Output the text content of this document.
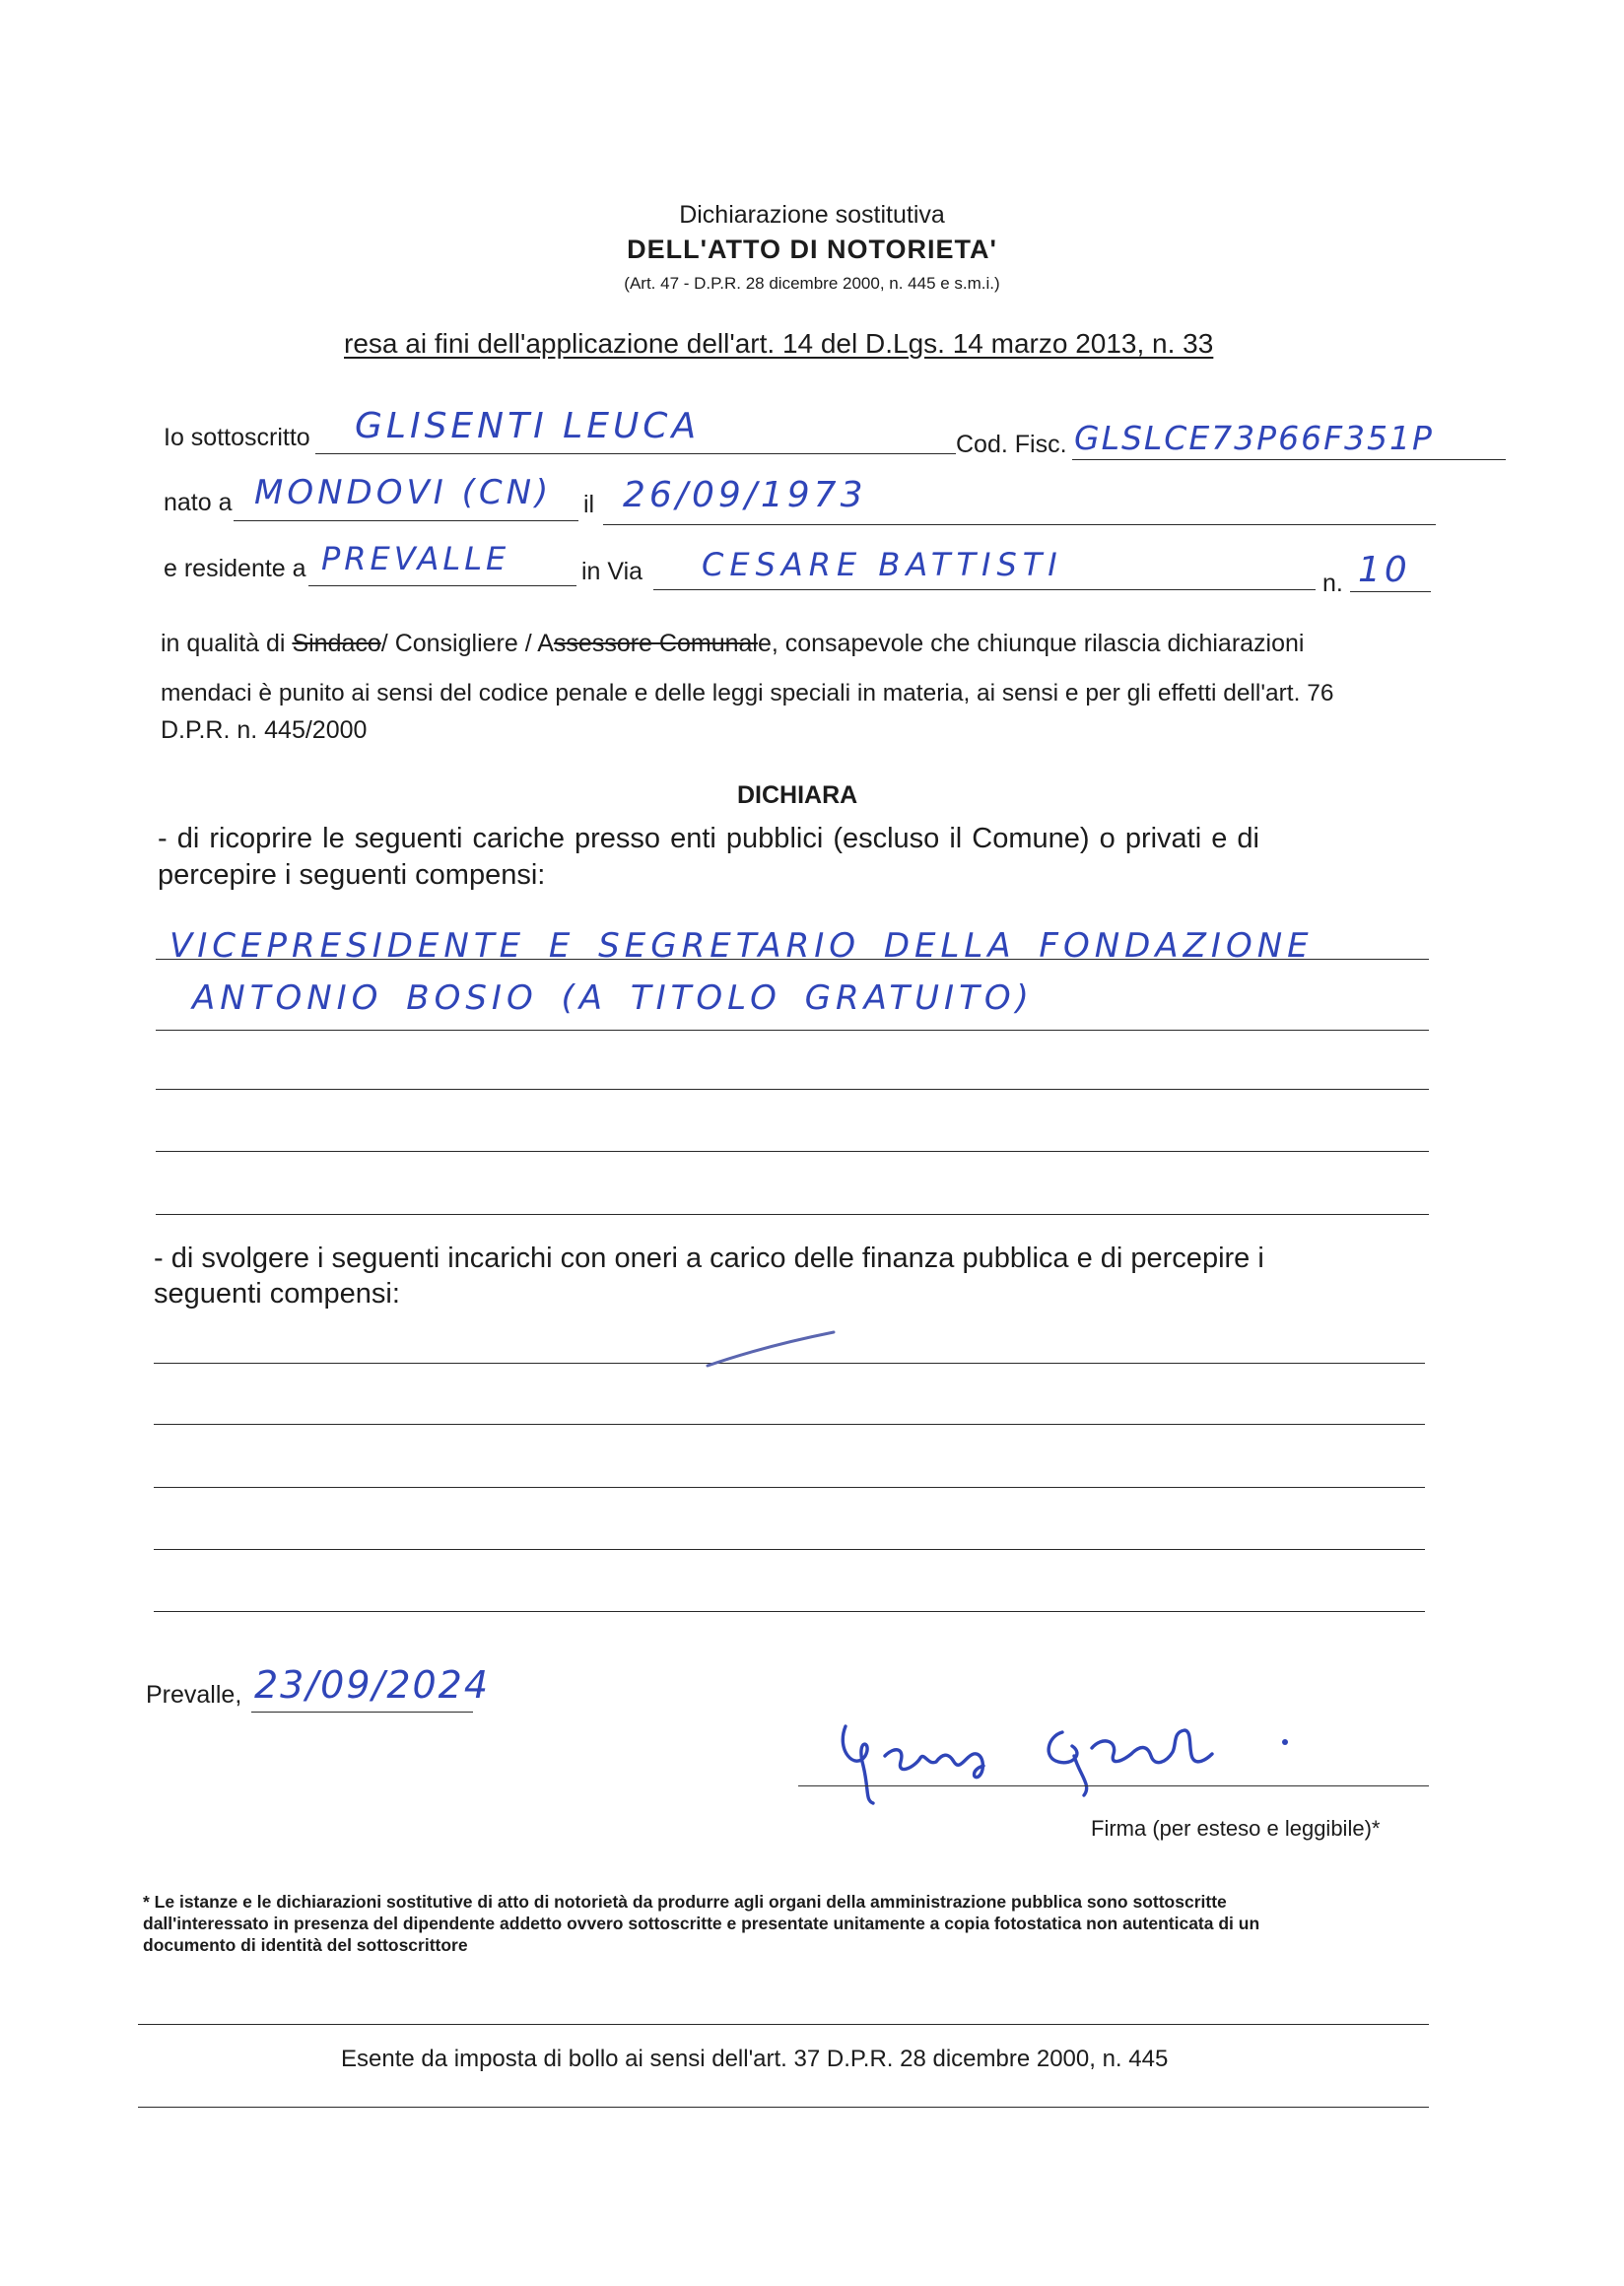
Dichiarazione sostitutiva
DELL'ATTO DI NOTORIETA'
(Art. 47 - D.P.R. 28 dicembre 2000, n. 445 e s.m.i.)
resa ai fini dell'applicazione dell'art. 14 del D.Lgs. 14 marzo 2013, n. 33
Io sottoscritto GLISENTI LEUCA	Cod. Fisc. GLSLCE73P66F351P
nato a MONDOVI (CN) il 26/09/1973
e residente a PREVALLE	in Via CESARE BATTISTI	n. 10
in qualità di Sindaco/ Consigliere / Assessore Comunale, consapevole che chiunque rilascia dichiarazioni
mendaci è punito ai sensi del codice penale e delle leggi speciali in materia, ai sensi e per gli effetti dell'art. 76
D.P.R. n. 445/2000
DICHIARA
- di ricoprire le seguenti cariche presso enti pubblici (escluso il Comune) o privati e di
percepire i seguenti compensi:
VICEPRESIDENTE E SEGRETARIO DELLA FONDAZIONE
ANTONIO BOSIO (A TITOLO GRATUITO)
- di svolgere i seguenti incarichi con oneri a carico delle finanza pubblica e di percepire i
seguenti compensi:
Prevalle, 23/09/2024
Firma (per esteso e leggibile)*
* Le istanze e le dichiarazioni sostitutive di atto di notorietà da produrre agli organi della amministrazione pubblica sono sottoscritte
dall'interessato in presenza del dipendente addetto ovvero sottoscritte e presentate unitamente a copia fotostatica non autenticata di un
documento di identità del sottoscrittore
Esente da imposta di bollo ai sensi dell'art. 37 D.P.R. 28 dicembre 2000, n. 445
